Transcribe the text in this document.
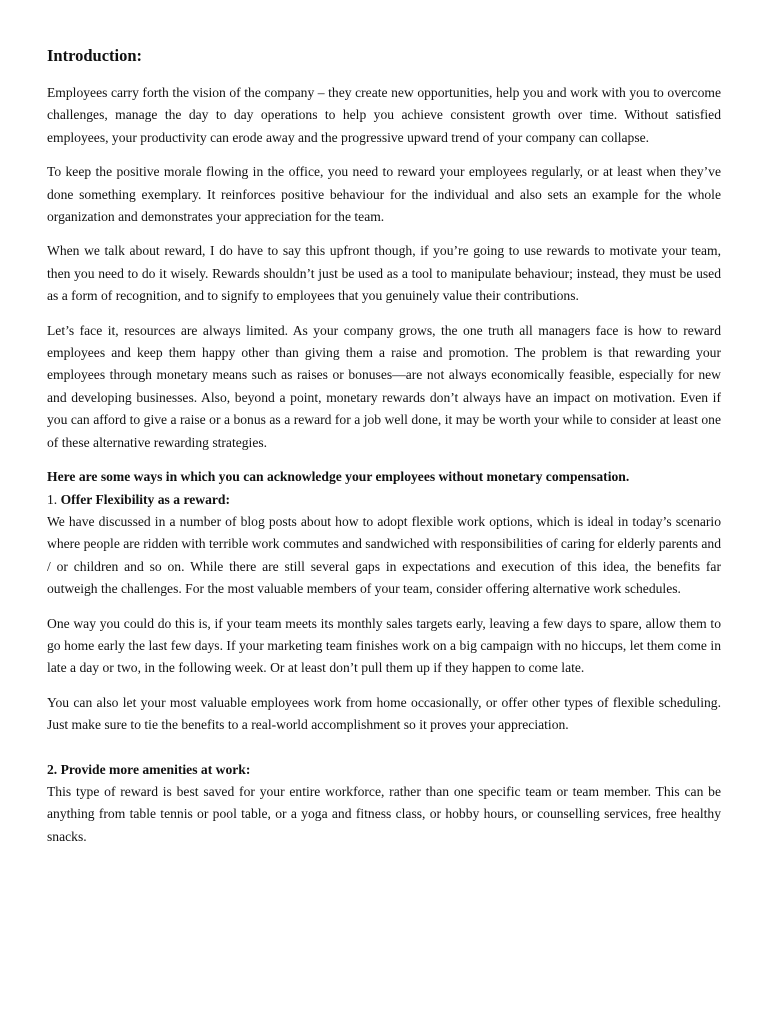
Introduction:

Employees carry forth the vision of the company – they create new opportunities, help you and work with you to overcome challenges, manage the day to day operations to help you achieve consistent growth over time. Without satisfied employees, your productivity can erode away and the progressive upward trend of your company can collapse.

To keep the positive morale flowing in the office, you need to reward your employees regularly, or at least when they’ve done something exemplary. It reinforces positive behaviour for the individual and also sets an example for the whole organization and demonstrates your appreciation for the team.

When we talk about reward, I do have to say this upfront though, if you’re going to use rewards to motivate your team, then you need to do it wisely. Rewards shouldn’t just be used as a tool to manipulate behaviour; instead, they must be used as a form of recognition, and to signify to employees that you genuinely value their contributions.

Let’s face it, resources are always limited. As your company grows, the one truth all managers face is how to reward employees and keep them happy other than giving them a raise and promotion. The problem is that rewarding your employees through monetary means such as raises or bonuses—are not always economically feasible, especially for new and developing businesses. Also, beyond a point, monetary rewards don’t always have an impact on motivation. Even if you can afford to give a raise or a bonus as a reward for a job well done, it may be worth your while to consider at least one of these alternative rewarding strategies.

Here are some ways in which you can acknowledge your employees without monetary compensation.
1. Offer Flexibility as a reward:

We have discussed in a number of blog posts about how to adopt flexible work options, which is ideal in today’s scenario where people are ridden with terrible work commutes and sandwiched with responsibilities of caring for elderly parents and / or children and so on. While there are still several gaps in expectations and execution of this idea, the benefits far outweigh the challenges. For the most valuable members of your team, consider offering alternative work schedules.

One way you could do this is, if your team meets its monthly sales targets early, leaving a few days to spare, allow them to go home early the last few days. If your marketing team finishes work on a big campaign with no hiccups, let them come in late a day or two, in the following week. Or at least don’t pull them up if they happen to come late.

You can also let your most valuable employees work from home occasionally, or offer other types of flexible scheduling. Just make sure to tie the benefits to a real-world accomplishment so it proves your appreciation.

2. Provide more amenities at work:

This type of reward is best saved for your entire workforce, rather than one specific team or team member. This can be anything from table tennis or pool table, or a yoga and fitness class, or hobby hours, or counselling services, free healthy snacks.
